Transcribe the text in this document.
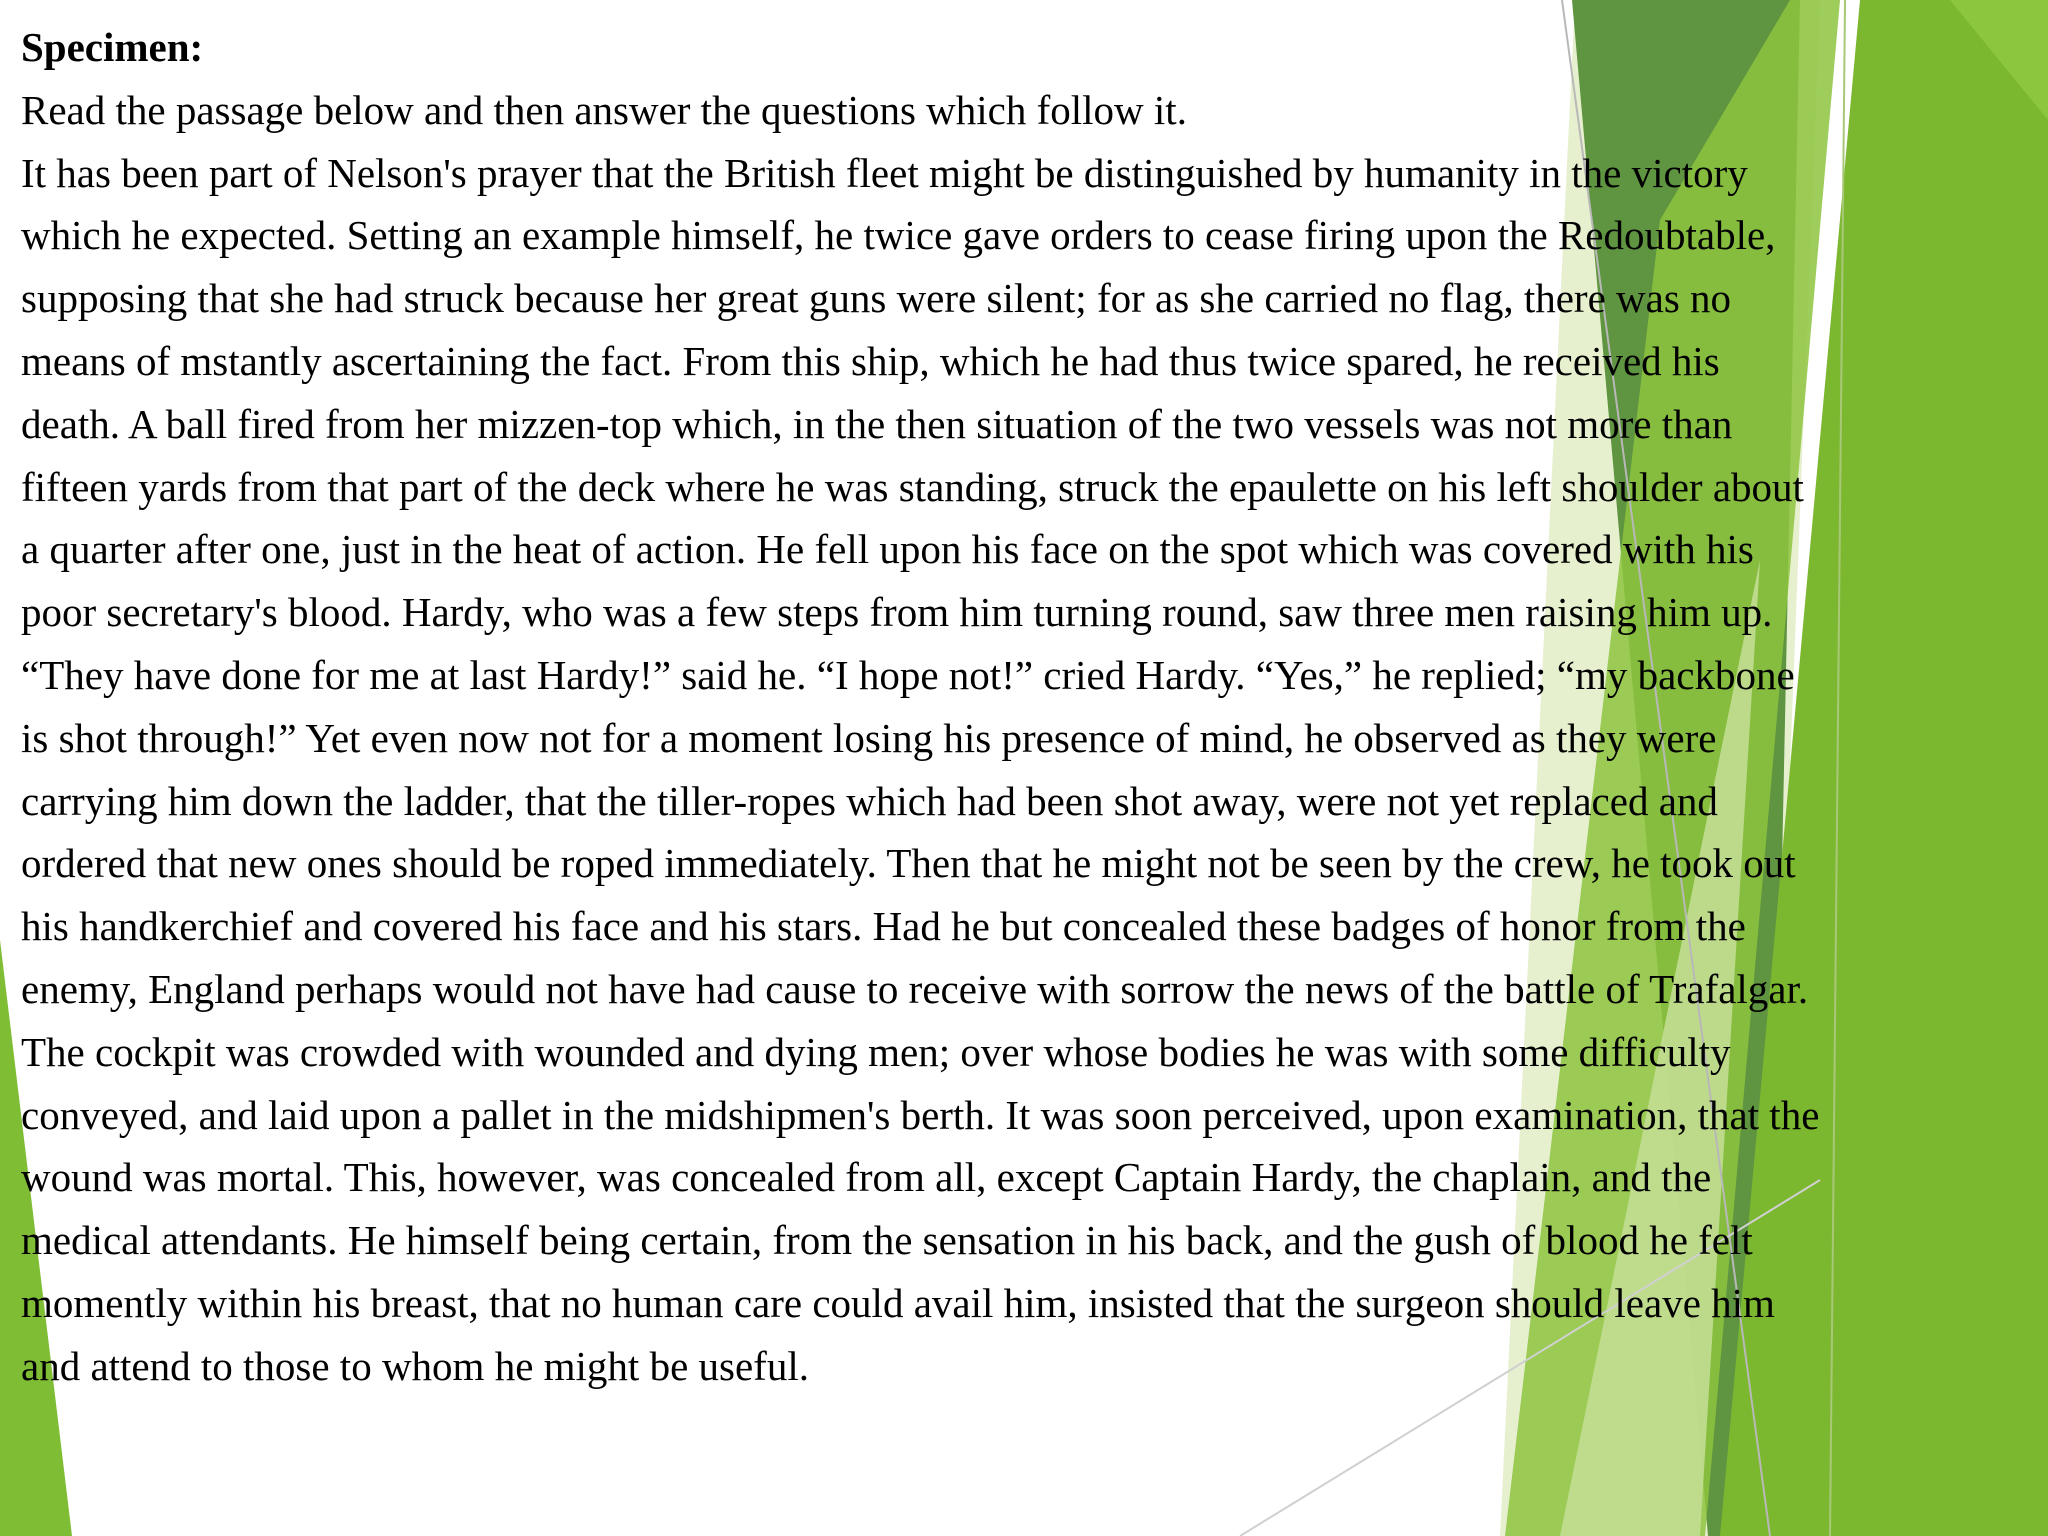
Specimen:
Read the passage below and then answer the questions which follow it.
It has been part of Nelson's prayer that the British fleet might be distinguished by humanity in the victory
which he expected. Setting an example himself, he twice gave orders to cease firing upon the Redoubtable,
supposing that she had struck because her great guns were silent; for as she carried no flag, there was no
means of mstantly ascertaining the fact. From this ship, which he had thus twice spared, he received his
death. A ball fired from her mizzen-top which, in the then situation of the two vessels was not more than
fifteen yards from that part of the deck where he was standing, struck the epaulette on his left shoulder about
a quarter after one, just in the heat of action. He fell upon his face on the spot which was covered with his
poor secretary's blood. Hardy, who was a few steps from him turning round, saw three men raising him up.
“They have done for me at last Hardy!” said he. “I hope not!” cried Hardy. “Yes,” he replied; “my backbone
is shot through!” Yet even now not for a moment losing his presence of mind, he observed as they were
carrying him down the ladder, that the tiller-ropes which had been shot away, were not yet replaced and
ordered that new ones should be roped immediately. Then that he might not be seen by the crew, he took out
his handkerchief and covered his face and his stars. Had he but concealed these badges of honor from the
enemy, England perhaps would not have had cause to receive with sorrow the news of the battle of Trafalgar.
The cockpit was crowded with wounded and dying men; over whose bodies he was with some difficulty
conveyed, and laid upon a pallet in the midshipmen's berth. It was soon perceived, upon examination, that the
wound was mortal. This, however, was concealed from all, except Captain Hardy, the chaplain, and the
medical attendants. He himself being certain, from the sensation in his back, and the gush of blood he felt
momently within his breast, that no human care could avail him, insisted that the surgeon should leave him
and attend to those to whom he might be useful.
